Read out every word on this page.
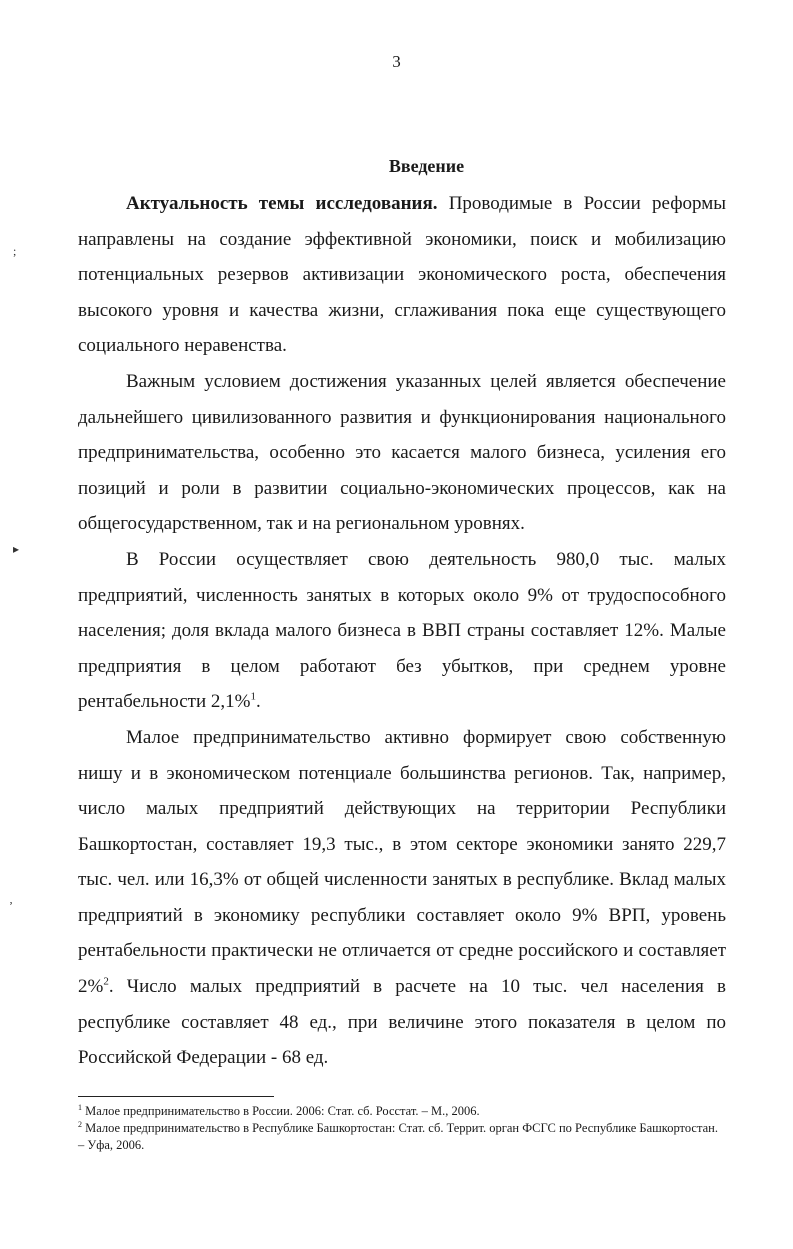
3
Введение

Актуальность темы исследования. Проводимые в России реформы направлены на создание эффективной экономики, поиск и мобилизацию потенциальных резервов активизации экономического роста, обеспечения высокого уровня и качества жизни, сглаживания пока еще существующего социального неравенства.

Важным условием достижения указанных целей является обеспечение дальнейшего цивилизованного развития и функционирования национального предпринимательства, особенно это касается малого бизнеса, усиления его позиций и роли в развитии социально-экономических процессов, как на общегосударственном, так и на региональном уровнях.

В России осуществляет свою деятельность 980,0 тыс. малых предприятий, численность занятых в которых около 9% от трудоспособного населения; доля вклада малого бизнеса в ВВП страны составляет 12%. Малые предприятия в целом работают без убытков, при среднем уровне рентабельности 2,1%$^1$.

Малое предпринимательство активно формирует свою собственную нишу и в экономическом потенциале большинства регионов. Так, например, число малых предприятий действующих на территории Республики Башкортостан, составляет 19,3 тыс., в этом секторе экономики занято 229,7 тыс. чел. или 16,3% от общей численности занятых в республике. Вклад малых предприятий в экономику республики составляет около 9% ВРП, уровень рентабельности практически не отличается от средне российского и составляет 2%$^2$. Число малых предприятий в расчете на 10 тыс. чел населения в республике составляет 48 ед., при величине этого показателя в целом по Российской Федерации - 68 ед.

$^1$ Малое предпринимательство в России. 2006: Стат. сб. Росстат. – М., 2006.

$^2$ Малое предпринимательство в Республике Башкортостан: Стат. сб. Террит. орган ФСГС по Республике Башкортостан. – Уфа, 2006.

;
▸
ʼ
